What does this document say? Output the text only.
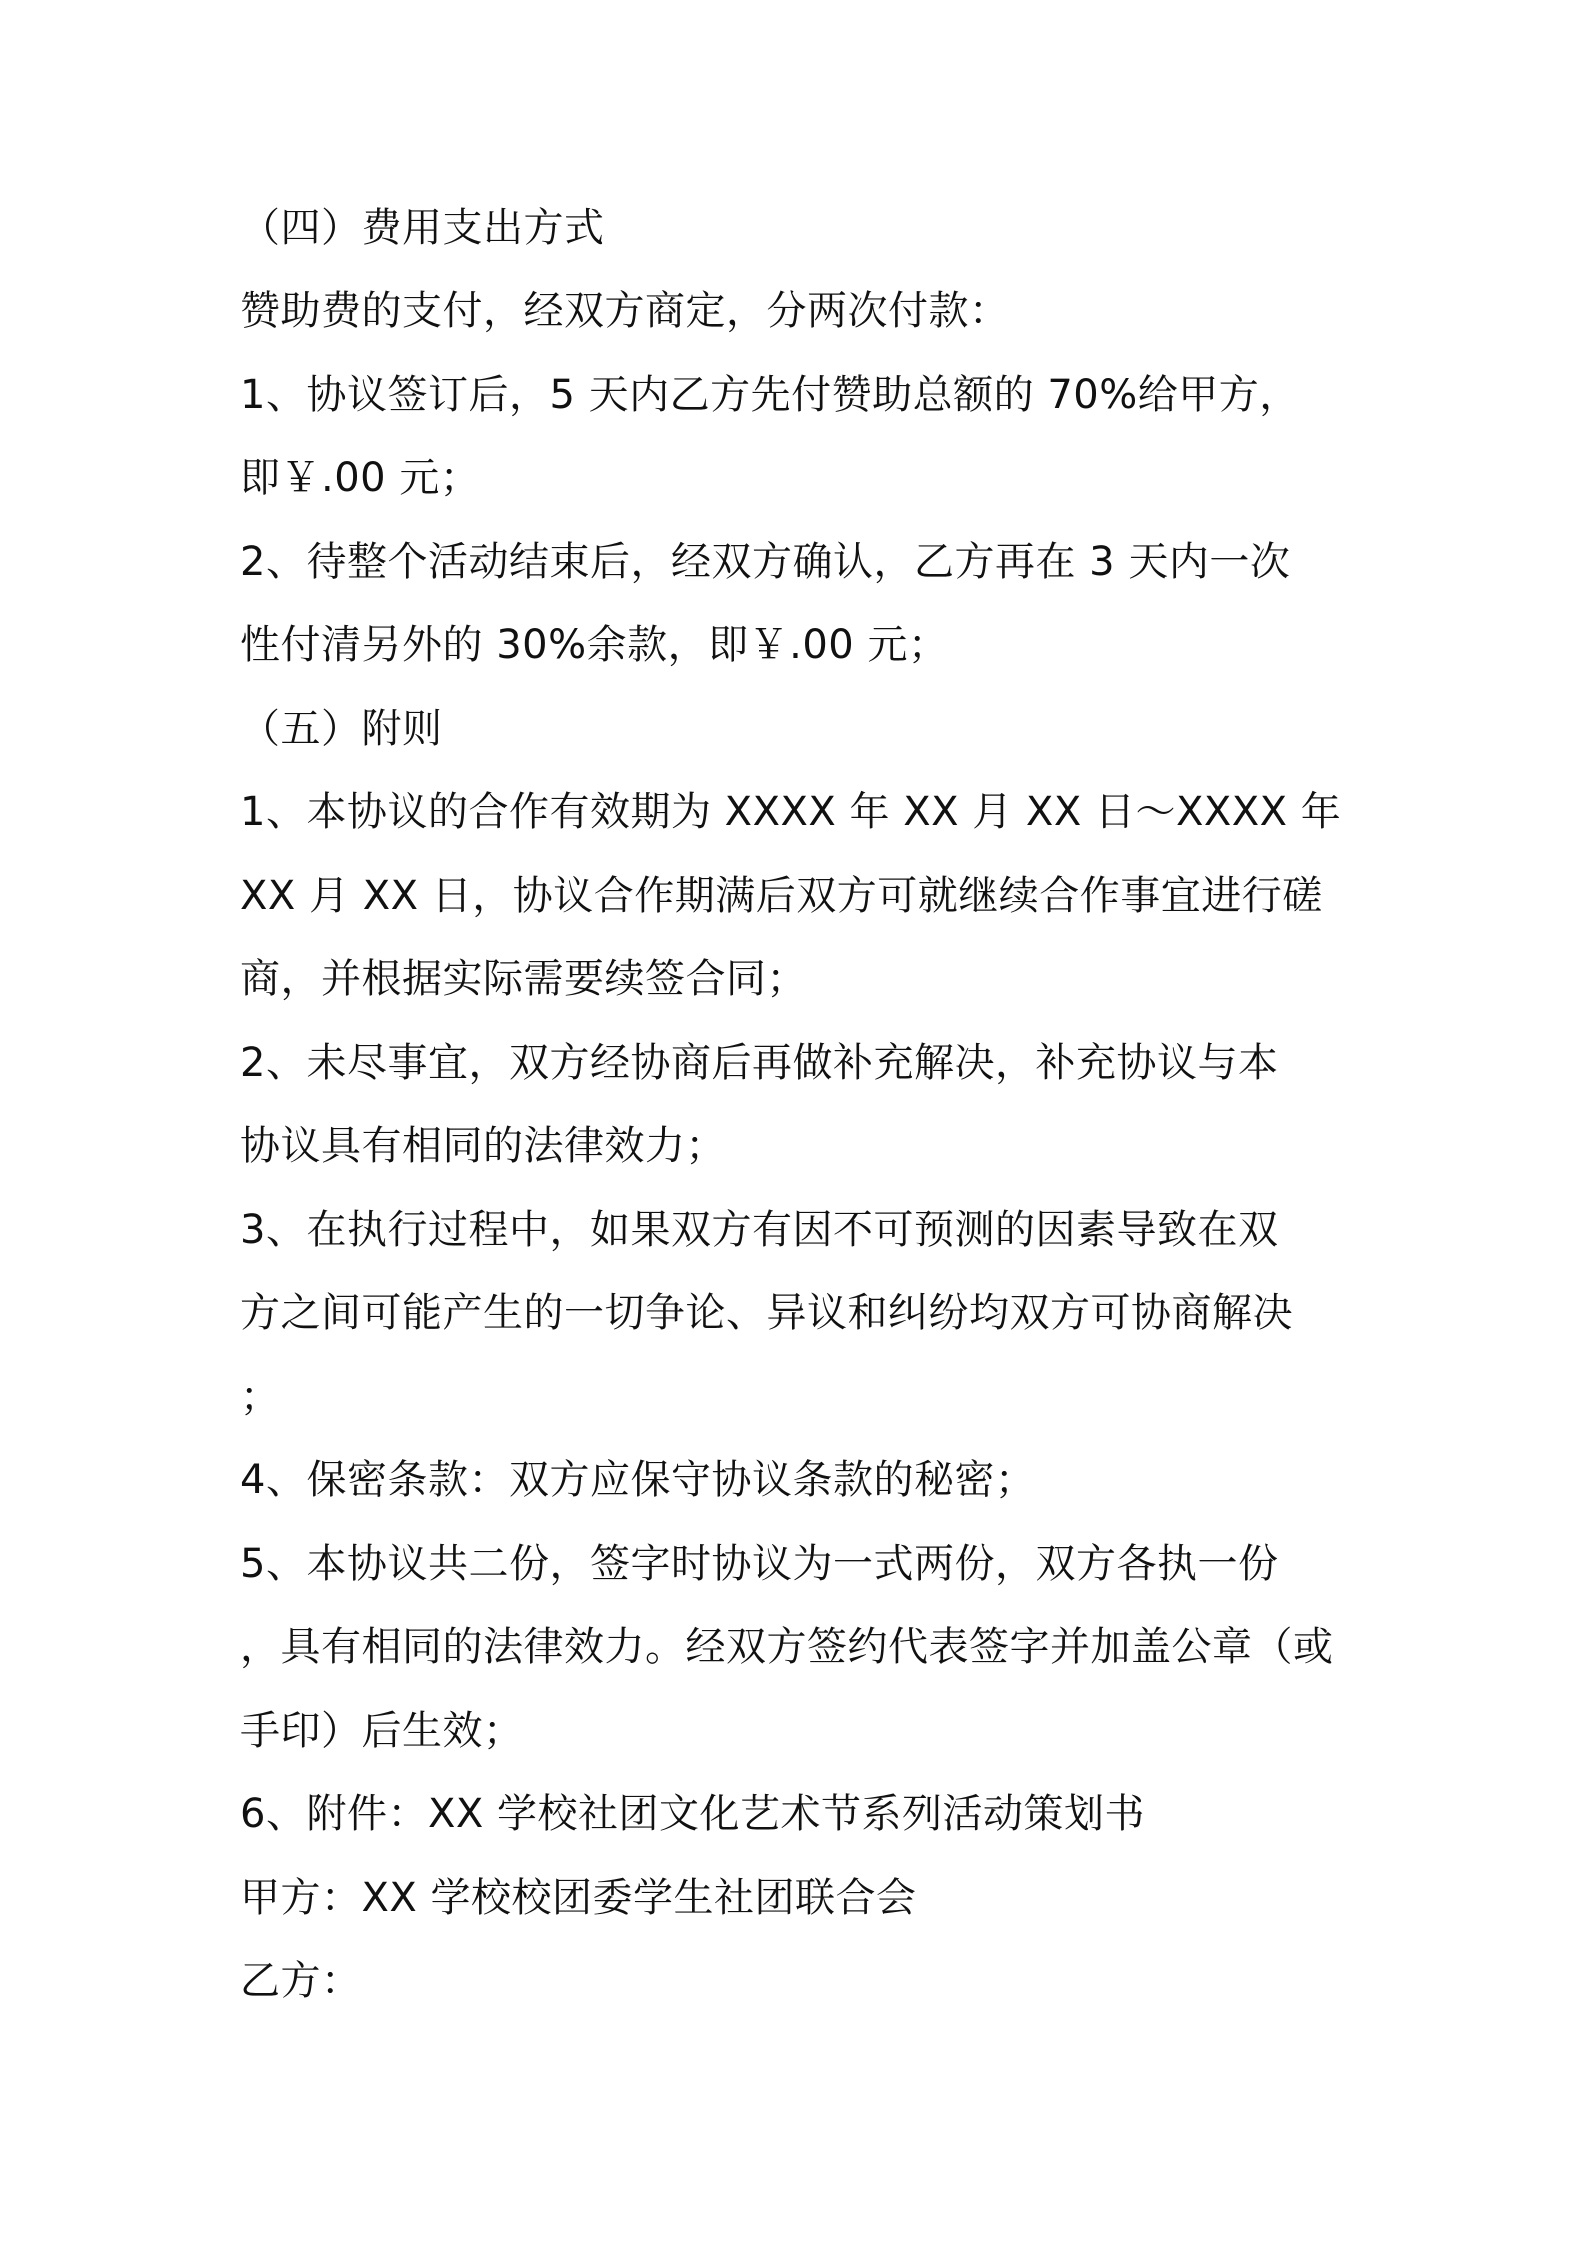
（四）费用支出方式
赞助费的支付，经双方商定，分两次付款：
1、协议签订后，5 天内乙方先付赞助总额的 70%给甲方，
即￥.00 元；
2、待整个活动结束后，经双方确认，乙方再在 3 天内一次
性付清另外的 30%余款，即￥.00 元；
（五）附则
1、本协议的合作有效期为 XXXX 年 XX 月 XX 日～XXXX 年
XX 月 XX 日，协议合作期满后双方可就继续合作事宜进行磋
商，并根据实际需要续签合同；
2、未尽事宜，双方经协商后再做补充解决，补充协议与本
协议具有相同的法律效力；
3、在执行过程中，如果双方有因不可预测的因素导致在双
方之间可能产生的一切争论、异议和纠纷均双方可协商解决
；
4、保密条款：双方应保守协议条款的秘密；
5、本协议共二份，签字时协议为一式两份，双方各执一份
，具有相同的法律效力。经双方签约代表签字并加盖公章（或
手印）后生效；
6、附件：XX 学校社团文化艺术节系列活动策划书
甲方：XX 学校校团委学生社团联合会
乙方：
